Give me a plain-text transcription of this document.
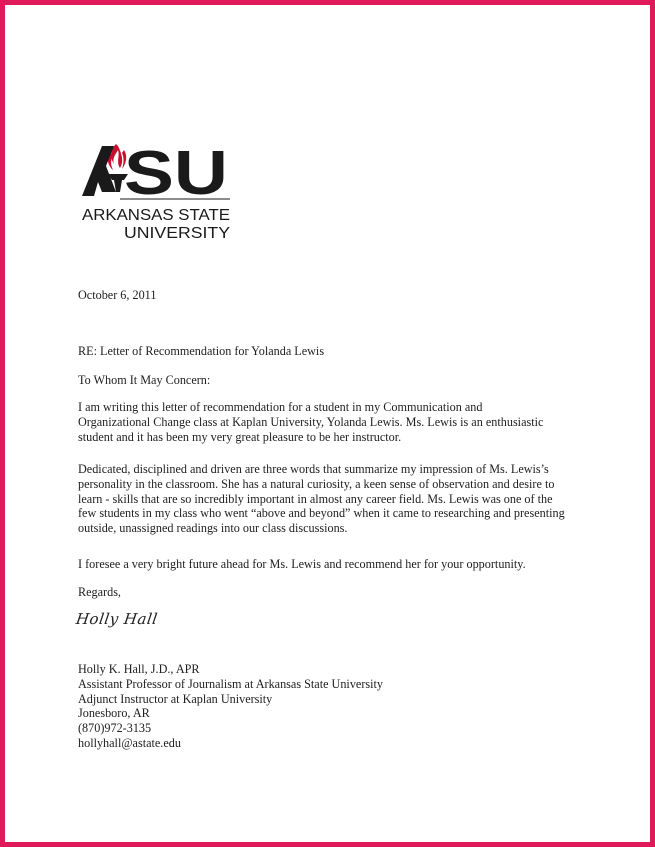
SU
ARKANSAS STATE
UNIVERSITY

October 6, 2011

RE: Letter of Recommendation for Yolanda Lewis

To Whom It May Concern:

I am writing this letter of recommendation for a student in my Communication and Organizational Change class at Kaplan University, Yolanda Lewis. Ms. Lewis is an enthusiastic student and it has been my very great pleasure to be her instructor.

Dedicated, disciplined and driven are three words that summarize my impression of Ms. Lewis’s personality in the classroom. She has a natural curiosity, a keen sense of observation and desire to learn - skills that are so incredibly important in almost any career field. Ms. Lewis was one of the few students in my class who went “above and beyond” when it came to researching and presenting outside, unassigned readings into our class discussions.

I foresee a very bright future ahead for Ms. Lewis and recommend her for your opportunity.

Regards,

Holly Hall

Holly K. Hall, J.D., APR
Assistant Professor of Journalism at Arkansas State University
Adjunct Instructor at Kaplan University
Jonesboro, AR
(870)972-3135
hollyhall@astate.edu
